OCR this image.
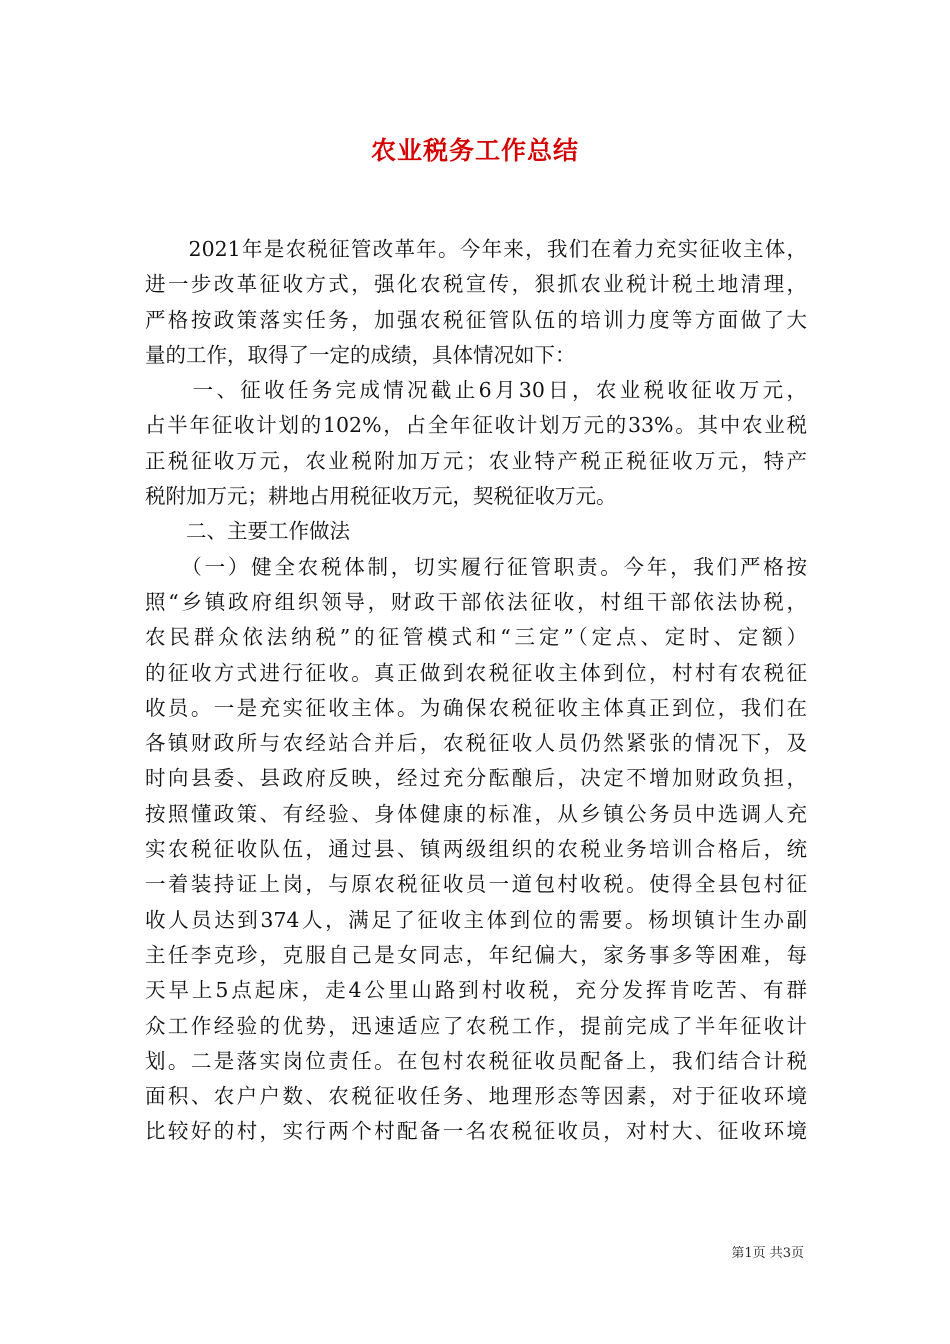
农业税务工作总结
　　2021年是农税征管改革年。今年来，我们在着力充实征收主体，
进一步改革征收方式，强化农税宣传，狠抓农业税计税土地清理，
严格按政策落实任务，加强农税征管队伍的培训力度等方面做了大
量的工作，取得了一定的成绩，具体情况如下：
　　一、征收任务完成情况截止6月30日，农业税收征收万元，
占半年征收计划的102%，占全年征收计划万元的33%。其中农业税
正税征收万元，农业税附加万元；农业特产税正税征收万元，特产
税附加万元；耕地占用税征收万元，契税征收万元。
　　二、主要工作做法
　　（一）健全农税体制，切实履行征管职责。今年，我们严格按
照“乡镇政府组织领导，财政干部依法征收，村组干部依法协税，
农民群众依法纳税”的征管模式和“三定”（定点、定时、定额）
的征收方式进行征收。真正做到农税征收主体到位，村村有农税征
收员。一是充实征收主体。为确保农税征收主体真正到位，我们在
各镇财政所与农经站合并后，农税征收人员仍然紧张的情况下，及
时向县委、县政府反映，经过充分酝酿后，决定不增加财政负担，
按照懂政策、有经验、身体健康的标准，从乡镇公务员中选调人充
实农税征收队伍，通过县、镇两级组织的农税业务培训合格后，统
一着装持证上岗，与原农税征收员一道包村收税。使得全县包村征
收人员达到374人，满足了征收主体到位的需要。杨坝镇计生办副
主任李克珍，克服自己是女同志，年纪偏大，家务事多等困难，每
天早上5点起床，走4公里山路到村收税，充分发挥肯吃苦、有群
众工作经验的优势，迅速适应了农税工作，提前完成了半年征收计
划。二是落实岗位责任。在包村农税征收员配备上，我们结合计税
面积、农户户数、农税征收任务、地理形态等因素，对于征收环境
比较好的村，实行两个村配备一名农税征收员，对村大、征收环境
第1页 共3页
